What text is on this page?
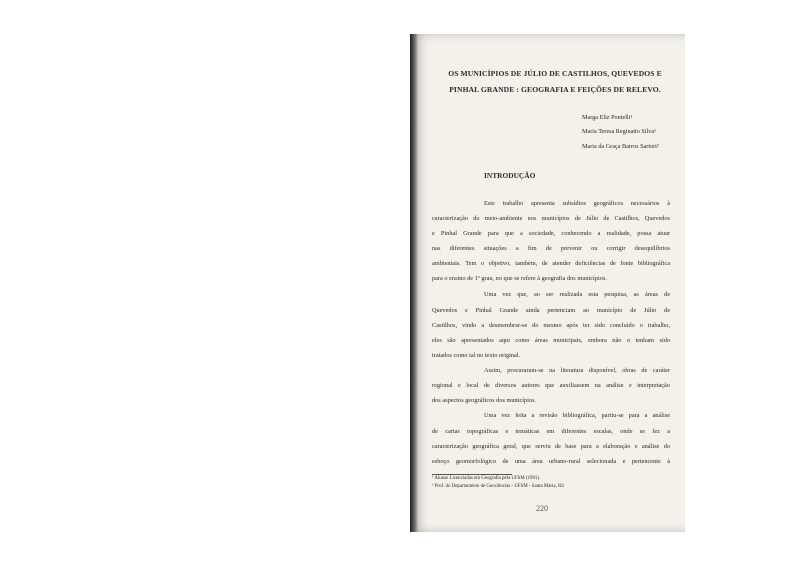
OS MUNICÍPIOS DE JÚLIO DE CASTILHOS, QUEVEDOS E
PINHAL GRANDE : GEOGRAFIA E FEIÇÕES DE RELEVO.
Marga Eliz Pontelli¹
Maria Teresa Reginatto Silva¹
Maria da Graça Barros Sartori²
INTRODUÇÃO
Este trabalho apresenta subsídios geográficos necessários à
caracterização do meio-ambiente nos municípios de Júlio de Castilhos, Quevedos
e Pinhal Grande para que a sociedade, conhecendo a realidade, possa atuar
nas diferentes situações a fim de prevenir ou corrigir desequilíbrios
ambientais. Tem o objetivo, também, de atender deficiências de fonte bibliográfica
para o ensino de 1º grau, no que se refere à geografia dos municípios.
Uma vez que, ao ser realizada esta pesquisa, as áreas de
Quevedos e Pinhal Grande ainda pertenciam ao município de Júlio de
Castilhos, vindo a desmembrar-se do mesmo após ter sido concluído o trabalho,
eles são apresentados aqui como áreas municipais, embora não o tenham sido
tratados como tal no texto original.
Assim, procuraram-se na literatura disponível, obras de caráter
regional e local de diversos autores que auxiliassem na análise e interpretação
dos aspectos geográficos dos municípios.
Uma vez feita a revisão bibliográfica, partiu-se para a análise
de cartas topográficas e temáticas em diferentes escalas, onde se fez a
caracterização geográfica geral, que serviu de base para a elaboração e análise do
esboço geomorfológico de uma área urbano-rural selecionada e pertencente à
¹ Alunas Licenciadas em Geografia pela UFSM (1991).
² Prof. do Departamento de Geociências - UFSM - Santa Maria, RS
220
